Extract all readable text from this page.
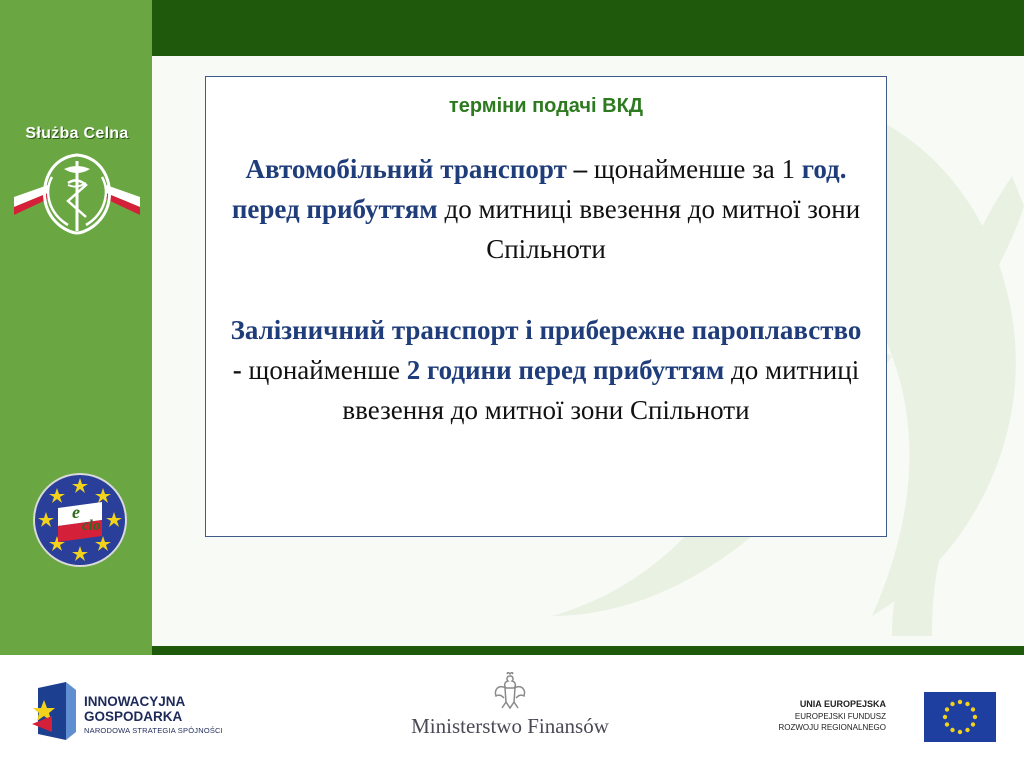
Służba Celna
e
clo
терміни подачі ВКД
Автомобільний транспорт – щонайменше за 1 год. перед прибуттям до митниці ввезення до митної зони Спільноти
Залізничний транспорт і прибережне пароплавство - щонайменше 2 години перед прибуттям до митниці ввезення до митної зони Спільноти
INNOWACYJNA
GOSPODARKA
NARODOWA STRATEGIA SPÓJNOŚCI	Ministerstwo Finansów
UNIA EUROPEJSKA
EUROPEJSKI FUNDUSZ
ROZWOJU REGIONALNEGO
